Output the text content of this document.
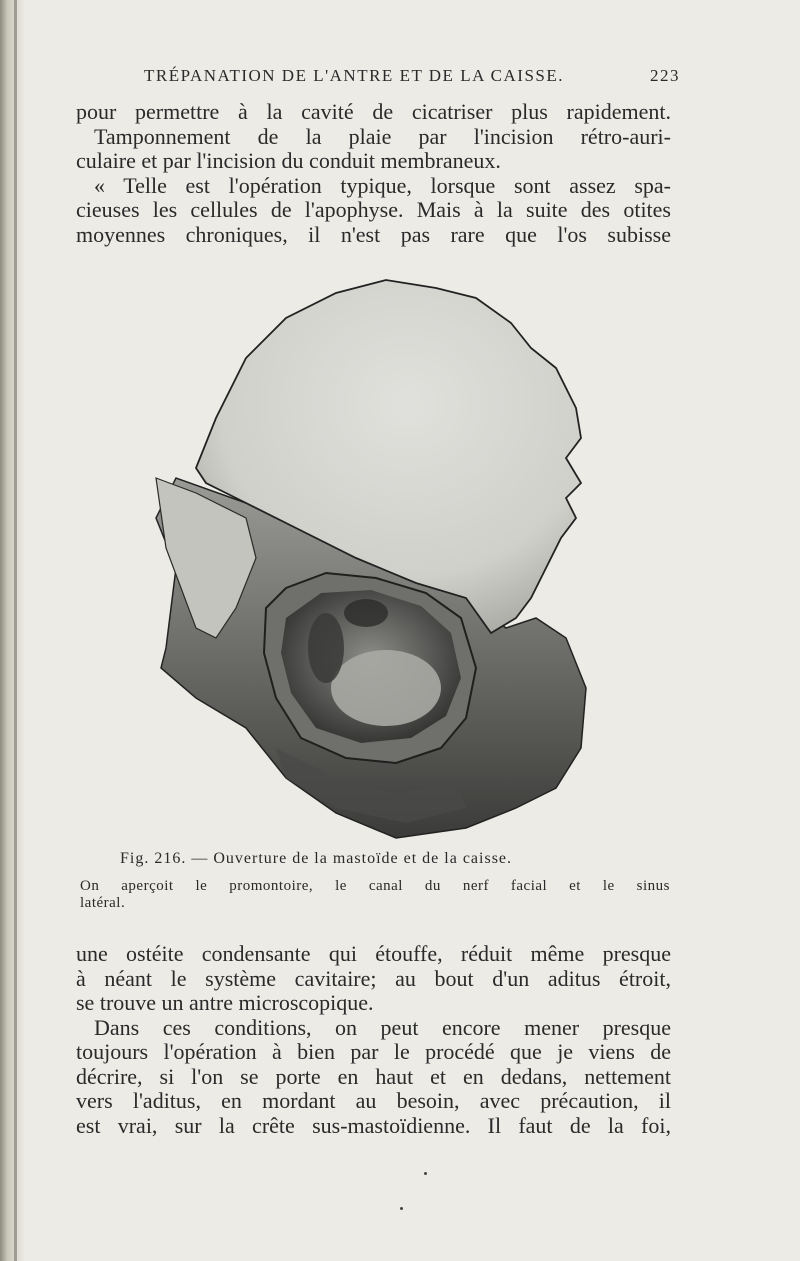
TRÉPANATION DE L'ANTRE ET DE LA CAISSE.	223
pour permettre à la cavité de cicatriser plus rapidement.
Tamponnement de la plaie par l'incision rétro-auri-
culaire et par l'incision du conduit membraneux.
« Telle est l'opération typique, lorsque sont assez spa-
cieuses les cellules de l'apophyse. Mais à la suite des otites
moyennes chroniques, il n'est pas rare que l'os subisse
Fig. 216. — Ouverture de la mastoïde et de la caisse.
On aperçoit le promontoire, le canal du nerf facial et le sinus
latéral.
une ostéite condensante qui étouffe, réduit même presque
à néant le système cavitaire; au bout d'un aditus étroit,
se trouve un antre microscopique.
Dans ces conditions, on peut encore mener presque
toujours l'opération à bien par le procédé que je viens de
décrire, si l'on se porte en haut et en dedans, nettement
vers l'aditus, en mordant au besoin, avec précaution, il
est vrai, sur la crête sus-mastoïdienne. Il faut de la foi,
